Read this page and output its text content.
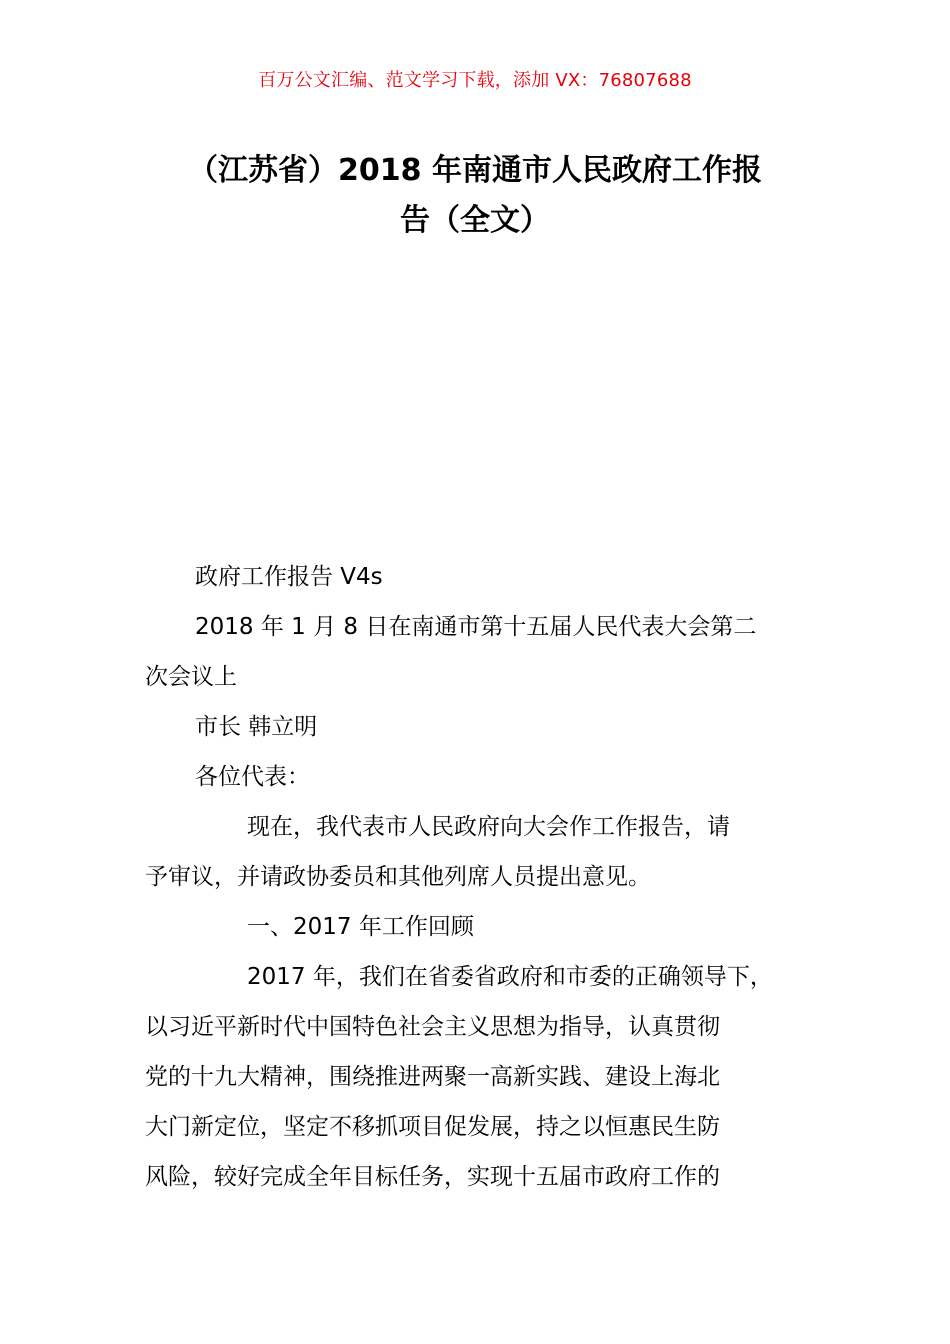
百万公文汇编、范文学习下载，添加 VX：76807688
（江苏省）2018 年南通市人民政府工作报
告（全文）

政府工作报告 V4s

2018 年 1 月 8 日在南通市第十五届人民代表大会第二

次会议上

市长 韩立明

各位代表：

现在，我代表市人民政府向大会作工作报告，请

予审议，并请政协委员和其他列席人员提出意见。

一、2017 年工作回顾

2017 年，我们在省委省政府和市委的正确领导下，

以习近平新时代中国特色社会主义思想为指导，认真贯彻

党的十九大精神，围绕推进两聚一高新实践、建设上海北

大门新定位，坚定不移抓项目促发展，持之以恒惠民生防

风险，较好完成全年目标任务，实现十五届市政府工作的
